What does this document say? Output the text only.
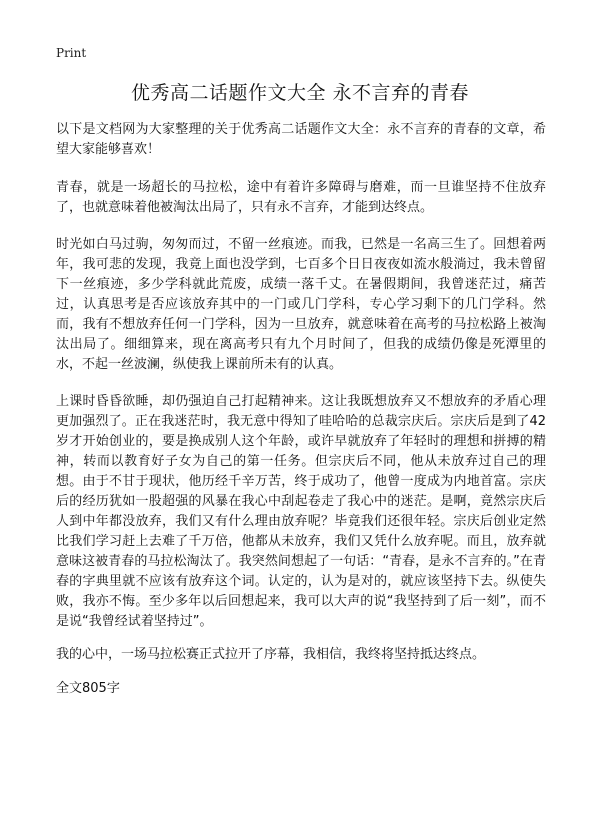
Print
优秀高二话题作文大全 永不言弃的青春

以下是文档网为大家整理的关于优秀高二话题作文大全：永不言弃的青春的文章，希望大家能够喜欢！

青春，就是一场超长的马拉松，途中有着许多障碍与磨难，而一旦谁坚持不住放弃了，也就意味着他被淘汰出局了，只有永不言弃，才能到达终点。

时光如白马过驹，匆匆而过，不留一丝痕迹。而我，已然是一名高三生了。回想着两年，我可悲的发现，我竟上面也没学到，七百多个日日夜夜如流水般淌过，我未曾留下一丝痕迹，多少学科就此荒废，成绩一落千丈。在暑假期间，我曾迷茫过，痛苦过，认真思考是否应该放弃其中的一门或几门学科，专心学习剩下的几门学科。然而，我有不想放弃任何一门学科，因为一旦放弃，就意味着在高考的马拉松路上被淘汰出局了。细细算来，现在离高考只有九个月时间了，但我的成绩仍像是死潭里的水，不起一丝波澜，纵使我上课前所未有的认真。

上课时昏昏欲睡，却仍强迫自己打起精神来。这让我既想放弃又不想放弃的矛盾心理更加强烈了。正在我迷茫时，我无意中得知了哇哈哈的总裁宗庆后。宗庆后是到了42岁才开始创业的，要是换成别人这个年龄，或许早就放弃了年轻时的理想和拼搏的精神，转而以教育好子女为自己的第一任务。但宗庆后不同，他从未放弃过自己的理想。由于不甘于现状，他历经千辛万苦，终于成功了，他曾一度成为内地首富。宗庆后的经历犹如一股超强的风暴在我心中刮起卷走了我心中的迷茫。是啊，竟然宗庆后人到中年都没放弃，我们又有什么理由放弃呢？毕竟我们还很年轻。宗庆后创业定然比我们学习赶上去难了千万倍，他都从未放弃，我们又凭什么放弃呢。而且，放弃就意味这被青春的马拉松淘汰了。我突然间想起了一句话：“青春，是永不言弃的。”在青春的字典里就不应该有放弃这个词。认定的，认为是对的，就应该坚持下去。纵使失败，我亦不悔。至少多年以后回想起来，我可以大声的说“我坚持到了后一刻”，而不是说“我曾经试着坚持过”。

我的心中，一场马拉松赛正式拉开了序幕，我相信，我终将坚持抵达终点。

全文805字
